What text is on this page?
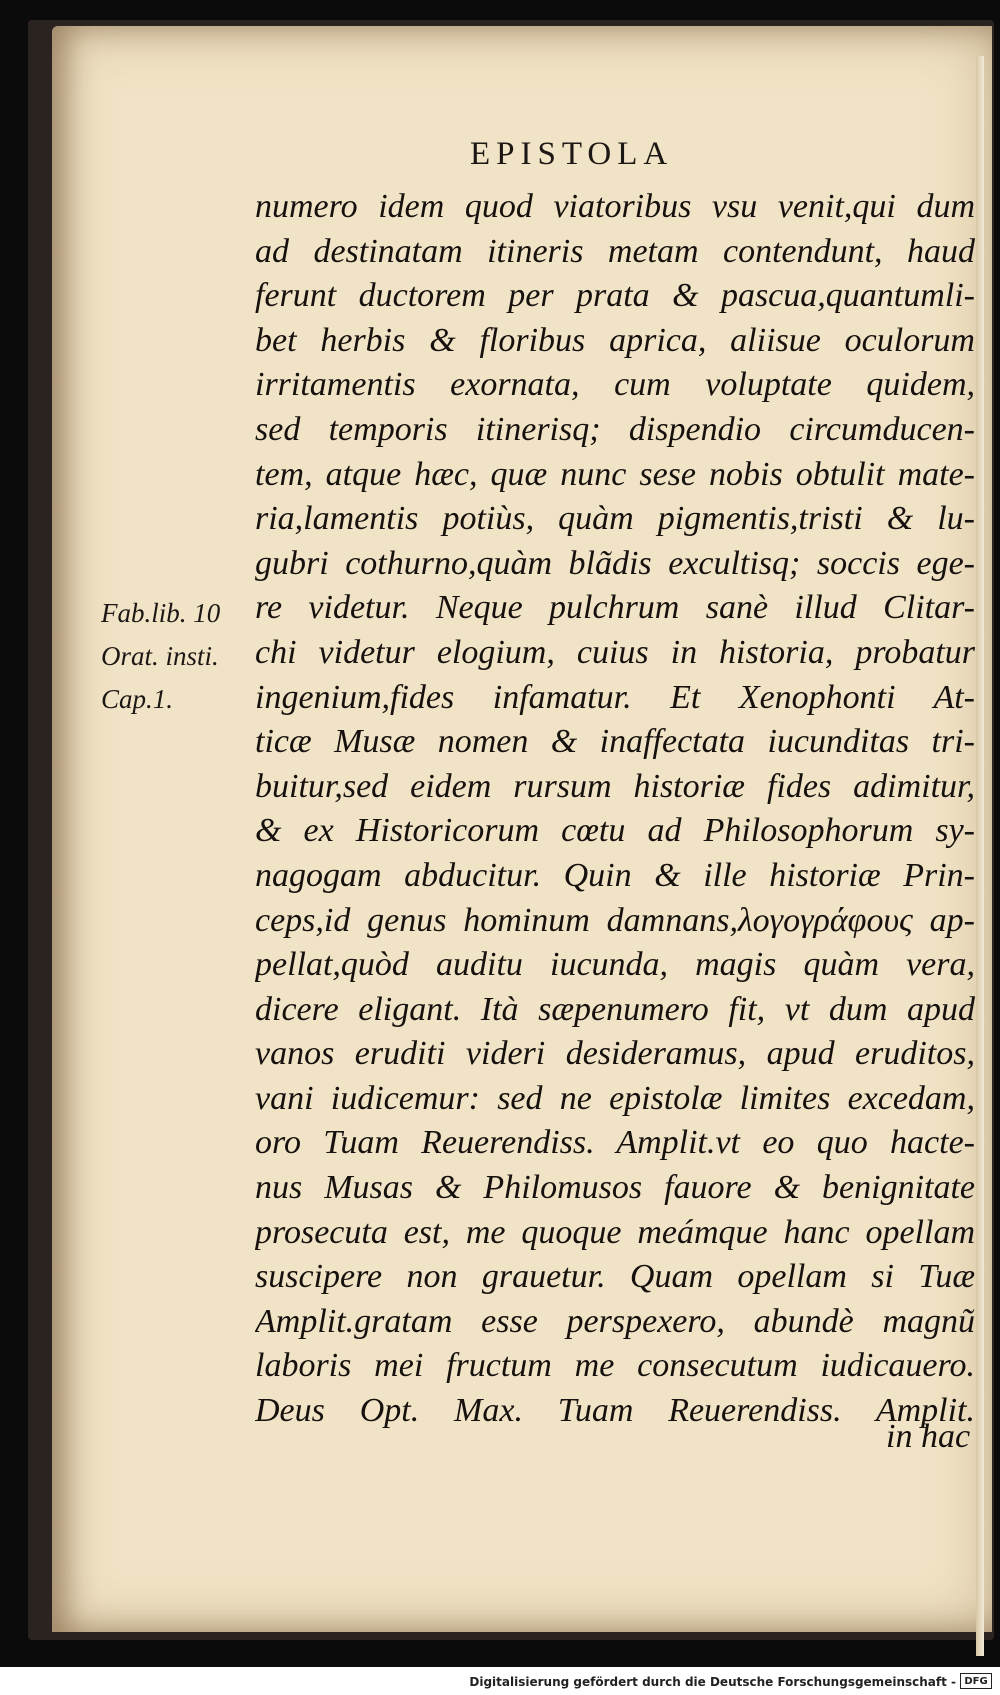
EPISTOLA
Fab.lib. 10
Orat. insti.
Cap.1.
numero idem quod viatoribus vsu venit,qui dum
ad destinatam itineris metam contendunt, haud
ferunt ductorem per prata & pascua,quantumli-
bet herbis & floribus aprica, aliisue oculorum
irritamentis exornata, cum voluptate quidem,
sed temporis itinerisq; dispendio circumducen-
tem, atque hæc, quæ nunc sese nobis obtulit mate-
ria,lamentis potiùs, quàm pigmentis,tristi & lu-
gubri cothurno,quàm blãdis excultisq; soccis ege-
re videtur. Neque pulchrum sanè illud Clitar-
chi videtur elogium, cuius in historia, probatur
ingenium,fides infamatur. Et Xenophonti At-
ticæ Musæ nomen & inaffectata iucunditas tri-
buitur,sed eidem rursum historiæ fides adimitur,
& ex Historicorum cœtu ad Philosophorum sy-
nagogam abducitur. Quin & ille historiæ Prin-
ceps,id genus hominum damnans,λογογράφους ap-
pellat,quòd auditu iucunda, magis quàm vera,
dicere eligant. Ità sæpenumero fit, vt dum apud
vanos eruditi videri desideramus, apud eruditos,
vani iudicemur: sed ne epistolæ limites excedam,
oro Tuam Reuerendiss. Amplit.vt eo quo hacte-
nus Musas & Philomusos fauore & benignitate
prosecuta est, me quoque meámque hanc opellam
suscipere non grauetur. Quam opellam si Tuæ
Amplit.gratam esse perspexero, abundè magnũ
laboris mei fructum me consecutum iudicauero.
Deus Opt. Max. Tuam Reuerendiss. Amplit.
in hac
Digitalisierung gefördert durch die Deutsche Forschungsgemeinschaft - DFG
